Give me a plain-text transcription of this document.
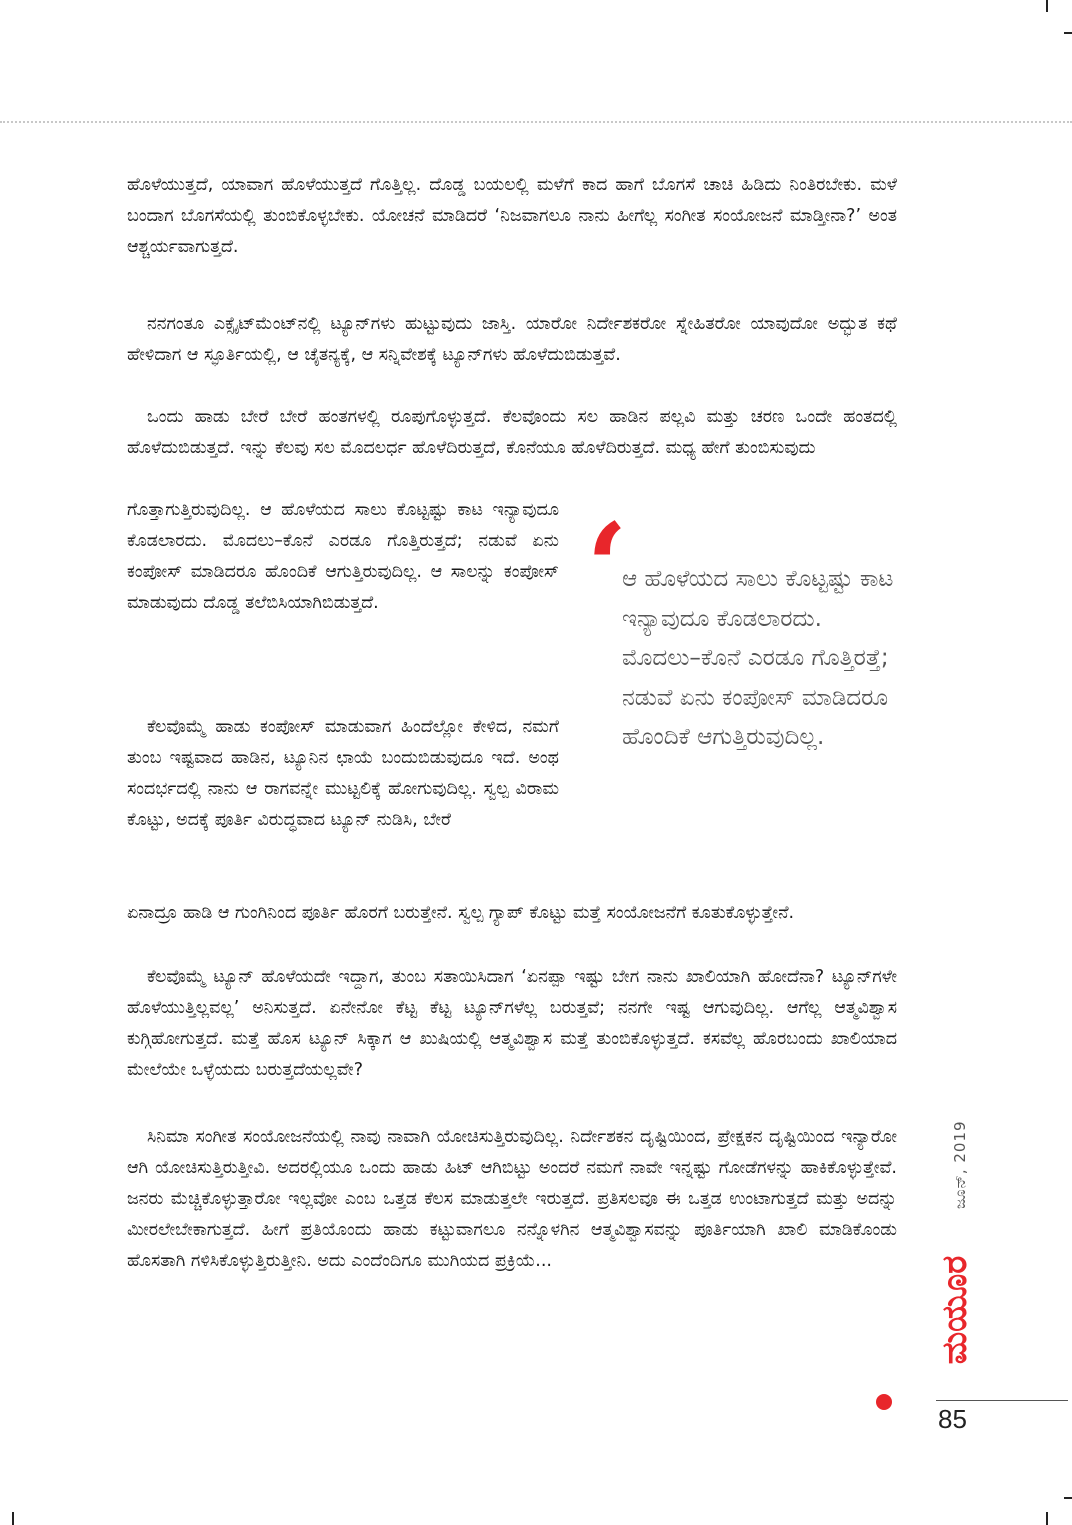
ಹೊಳೆಯುತ್ತದೆ, ಯಾವಾಗ ಹೊಳೆಯುತ್ತದೆ ಗೊತ್ತಿಲ್ಲ. ದೊಡ್ಡ ಬಯಲಲ್ಲಿ ಮಳೆಗೆ ಕಾದ ಹಾಗೆ ಬೊಗಸೆ ಚಾಚಿ ಹಿಡಿದು ನಿಂತಿರಬೇಕು. ಮಳೆ ಬಂದಾಗ ಬೊಗಸೆಯಲ್ಲಿ ತುಂಬಿಕೊಳ್ಳಬೇಕು. ಯೋಚನೆ ಮಾಡಿದರೆ ‘ನಿಜವಾಗಲೂ ನಾನು ಹೀಗೆಲ್ಲ ಸಂಗೀತ ಸಂಯೋಜನೆ ಮಾಡ್ತೀನಾ?’ ಅಂತ ಆಶ್ಚರ್ಯವಾಗುತ್ತದೆ.

ನನಗಂತೂ ಎಕ್ಸೈಟ್‌ಮೆಂಟ್‌ನಲ್ಲಿ ಟ್ಯೂನ್‌ಗಳು ಹುಟ್ಟುವುದು ಜಾಸ್ತಿ. ಯಾರೋ ನಿರ್ದೇಶಕರೋ ಸ್ನೇಹಿತರೋ ಯಾವುದೋ ಅದ್ಭುತ ಕಥೆ ಹೇಳಿದಾಗ ಆ ಸ್ಫೂರ್ತಿಯಲ್ಲಿ, ಆ ಚೈತನ್ಯಕ್ಕೆ, ಆ ಸನ್ನಿವೇಶಕ್ಕೆ ಟ್ಯೂನ್‌ಗಳು ಹೊಳೆದುಬಿಡುತ್ತವೆ.

ಒಂದು ಹಾಡು ಬೇರೆ ಬೇರೆ ಹಂತಗಳಲ್ಲಿ ರೂಪುಗೊಳ್ಳುತ್ತದೆ. ಕೆಲವೊಂದು ಸಲ ಹಾಡಿನ ಪಲ್ಲವಿ ಮತ್ತು ಚರಣ ಒಂದೇ ಹಂತದಲ್ಲಿ ಹೊಳೆದುಬಿಡುತ್ತದೆ. ಇನ್ನು ಕೆಲವು ಸಲ ಮೊದಲರ್ಧ ಹೊಳೆದಿರುತ್ತದೆ, ಕೊನೆಯೂ ಹೊಳೆದಿರುತ್ತದೆ. ಮಧ್ಯ ಹೇಗೆ ತುಂಬಿಸುವುದು

ಗೊತ್ತಾಗುತ್ತಿರುವುದಿಲ್ಲ. ಆ ಹೊಳೆಯದ ಸಾಲು ಕೊಟ್ಟಷ್ಟು ಕಾಟ ಇನ್ಯಾವುದೂ ಕೊಡಲಾರದು. ಮೊದಲು–ಕೊನೆ ಎರಡೂ ಗೊತ್ತಿರುತ್ತದೆ; ನಡುವೆ ಏನು ಕಂಪೋಸ್ ಮಾಡಿದರೂ ಹೊಂದಿಕೆ ಆಗುತ್ತಿರುವುದಿಲ್ಲ. ಆ ಸಾಲನ್ನು ಕಂಪೋಸ್ ಮಾಡುವುದು ದೊಡ್ಡ ತಲೆಬಿಸಿಯಾಗಿಬಿಡುತ್ತದೆ.

ಕೆಲವೊಮ್ಮೆ ಹಾಡು ಕಂಪೋಸ್ ಮಾಡುವಾಗ ಹಿಂದೆಲ್ಲೋ ಕೇಳಿದ, ನಮಗೆ ತುಂಬ ಇಷ್ಟವಾದ ಹಾಡಿನ, ಟ್ಯೂನಿನ ಛಾಯೆ ಬಂದುಬಿಡುವುದೂ ಇದೆ. ಅಂಥ ಸಂದರ್ಭದಲ್ಲಿ ನಾನು ಆ ರಾಗವನ್ನೇ ಮುಟ್ಟಲಿಕ್ಕೆ ಹೋಗುವುದಿಲ್ಲ. ಸ್ವಲ್ಪ ವಿರಾಮ ಕೊಟ್ಟು, ಅದಕ್ಕೆ ಪೂರ್ತಿ ವಿರುದ್ಧವಾದ ಟ್ಯೂನ್ ನುಡಿಸಿ, ಬೇರೆ

ಏನಾದ್ರೂ ಹಾಡಿ ಆ ಗುಂಗಿನಿಂದ ಪೂರ್ತಿ ಹೊರಗೆ ಬರುತ್ತೇನೆ. ಸ್ವಲ್ಪ ಗ್ಯಾಪ್ ಕೊಟ್ಟು ಮತ್ತೆ ಸಂಯೋಜನೆಗೆ ಕೂತುಕೊಳ್ಳುತ್ತೇನೆ.

ಕೆಲವೊಮ್ಮೆ ಟ್ಯೂನ್ ಹೊಳೆಯದೇ ಇದ್ದಾಗ, ತುಂಬ ಸತಾಯಿಸಿದಾಗ ‘ಏನಪ್ಪಾ ಇಷ್ಟು ಬೇಗ ನಾನು ಖಾಲಿಯಾಗಿ ಹೋದೆನಾ? ಟ್ಯೂನ್‌ಗಳೇ ಹೊಳೆಯುತ್ತಿಲ್ಲವಲ್ಲ’ ಅನಿಸುತ್ತದೆ. ಏನೇನೋ ಕೆಟ್ಟ ಕೆಟ್ಟ ಟ್ಯೂನ್‌ಗಳೆಲ್ಲ ಬರುತ್ತವೆ; ನನಗೇ ಇಷ್ಟ ಆಗುವುದಿಲ್ಲ. ಆಗೆಲ್ಲ ಆತ್ಮವಿಶ್ವಾಸ ಕುಗ್ಗಿಹೋಗುತ್ತದೆ. ಮತ್ತೆ ಹೊಸ ಟ್ಯೂನ್ ಸಿಕ್ಕಾಗ ಆ ಖುಷಿಯಲ್ಲಿ ಆತ್ಮವಿಶ್ವಾಸ ಮತ್ತೆ ತುಂಬಿಕೊಳ್ಳುತ್ತದೆ. ಕಸವೆಲ್ಲ ಹೊರಬಂದು ಖಾಲಿಯಾದ ಮೇಲೆಯೇ ಒಳ್ಳೆಯದು ಬರುತ್ತದೆಯಲ್ಲವೇ?

ಸಿನಿಮಾ ಸಂಗೀತ ಸಂಯೋಜನೆಯಲ್ಲಿ ನಾವು ನಾವಾಗಿ ಯೋಚಿಸುತ್ತಿರುವುದಿಲ್ಲ. ನಿರ್ದೇಶಕನ ದೃಷ್ಟಿಯಿಂದ, ಪ್ರೇಕ್ಷಕನ ದೃಷ್ಟಿಯಿಂದ ಇನ್ಯಾರೋ ಆಗಿ ಯೋಚಿಸುತ್ತಿರುತ್ತೀವಿ. ಅದರಲ್ಲಿಯೂ ಒಂದು ಹಾಡು ಹಿಟ್ ಆಗಿಬಿಟ್ಟು ಅಂದರೆ ನಮಗೆ ನಾವೇ ಇನ್ನಷ್ಟು ಗೋಡೆಗಳನ್ನು ಹಾಕಿಕೊಳ್ಳುತ್ತೇವೆ. ಜನರು ಮೆಚ್ಚಿಕೊಳ್ಳುತ್ತಾರೋ ಇಲ್ಲವೋ ಎಂಬ ಒತ್ತಡ ಕೆಲಸ ಮಾಡುತ್ತಲೇ ಇರುತ್ತದೆ. ಪ್ರತಿಸಲವೂ ಈ ಒತ್ತಡ ಉಂಟಾಗುತ್ತದೆ ಮತ್ತು ಅದನ್ನು ಮೀರಲೇಬೇಕಾಗುತ್ತದೆ. ಹೀಗೆ ಪ್ರತಿಯೊಂದು ಹಾಡು ಕಟ್ಟುವಾಗಲೂ ನನ್ನೊಳಗಿನ ಆತ್ಮವಿಶ್ವಾಸವನ್ನು ಪೂರ್ತಿಯಾಗಿ ಖಾಲಿ ಮಾಡಿಕೊಂಡು ಹೊಸತಾಗಿ ಗಳಿಸಿಕೊಳ್ಳುತ್ತಿರುತ್ತೀನಿ. ಅದು ಎಂದೆಂದಿಗೂ ಮುಗಿಯದ ಪ್ರಕ್ರಿಯೆ...

‘

ಆ ಹೊಳೆಯದ ಸಾಲು ಕೊಟ್ಟಷ್ಟು ಕಾಟ ಇನ್ಯಾವುದೂ ಕೊಡಲಾರದು. ಮೊದಲು–ಕೊನೆ ಎರಡೂ ಗೊತ್ತಿರತ್ತೆ; ನಡುವೆ ಏನು ಕಂಪೋಸ್ ಮಾಡಿದರೂ ಹೊಂದಿಕೆ ಆಗುತ್ತಿರುವುದಿಲ್ಲ.

ಜೂನ್, 2019
ಮಯೂರ
85
